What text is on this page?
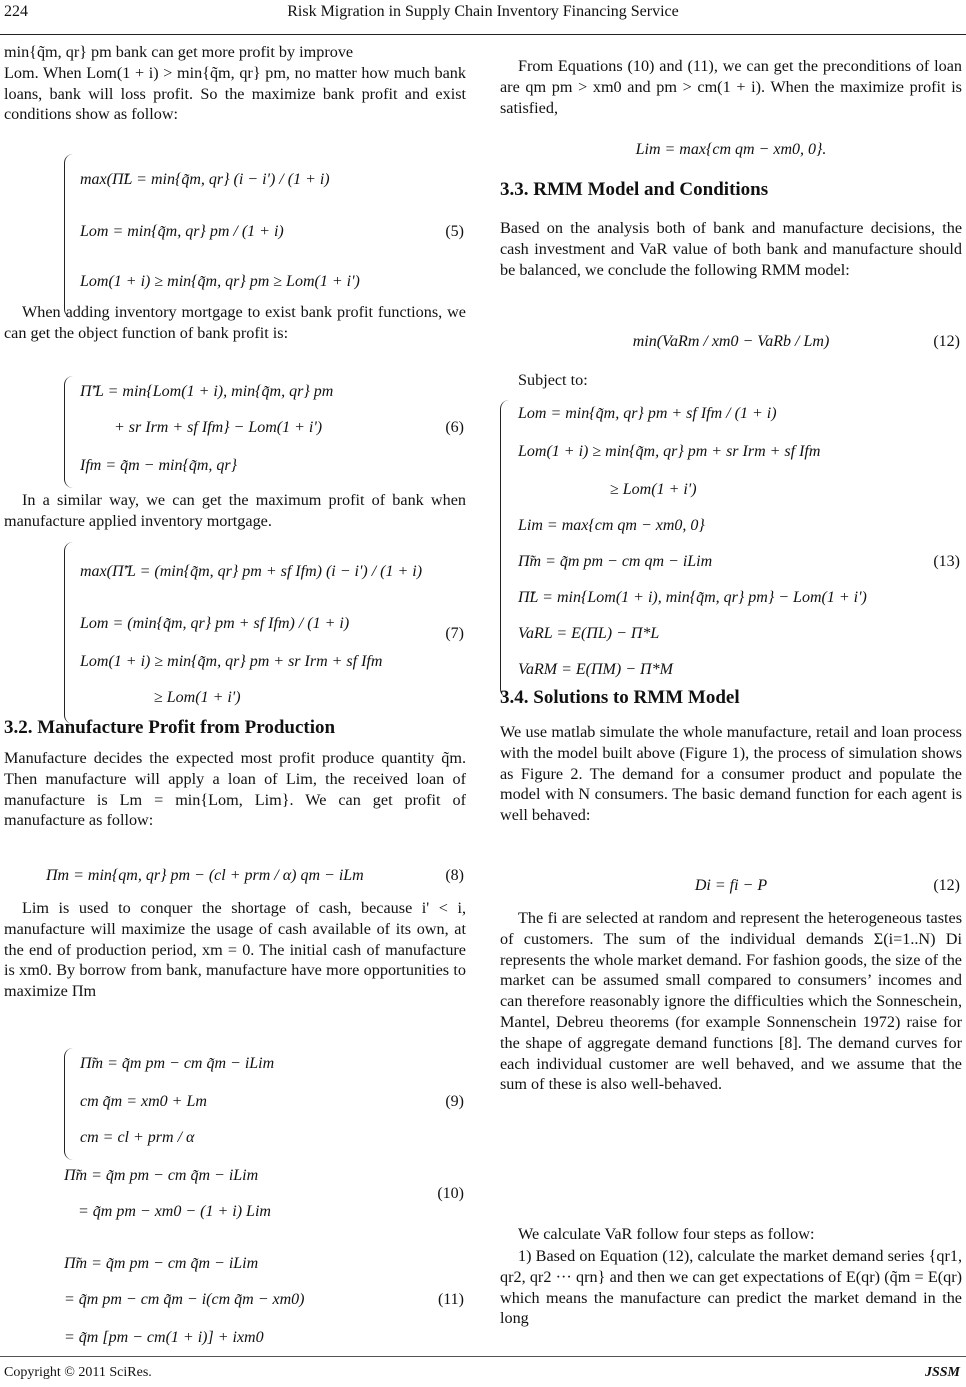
224	Risk Migration in Supply Chain Inventory Financing Service

min{q̃m, qr} pm bank can get more profit by improve

Lom. When Lom(1 + i) > min{q̃m, qr} pm, no matter how much bank loans, bank will loss profit. So the maximize bank profit and exist conditions show as follow:

max(Π̃L = min{q̃m, qr} (i − i') / (1 + i)
Lom = min{q̃m, qr} pm / (1 + i)
Lom(1 + i) ≥ min{q̃m, qr} pm ≥ Lom(1 + i')
(5)

When adding inventory mortgage to exist bank profit functions, we can get the object function of bank profit is:

Π̃'L = min{Lom(1 + i), min{q̃m, qr} pm
+ sr Irm + sf Ifm} − Lom(1 + i')
Ifm = q̃m − min{q̃m, qr}
(6)

In a similar way, we can get the maximum profit of bank when manufacture applied inventory mortgage.

max(Π̃'L = (min{q̃m, qr} pm + sf Ifm) (i − i') / (1 + i)
Lom = (min{q̃m, qr} pm + sf Ifm) / (1 + i)
Lom(1 + i) ≥ min{q̃m, qr} pm + sr Irm + sf Ifm
≥ Lom(1 + i')
(7)
3.2. Manufacture Profit from Production

Manufacture decides the expected most profit produce quantity q̃m. Then manufacture will apply a loan of Lim, the received loan of manufacture is Lm = min{Lom, Lim}. We can get profit of manufacture as follow:

Πm = min{qm, qr} pm − (cl + prm / α) qm − iLm	(8)

Lim is used to conquer the shortage of cash, because i' < i, manufacture will maximize the usage of cash available of its own, at the end of production period, xm = 0. The initial cash of manufacture is xm0. By borrow from bank, manufacture have more opportunities to maximize Πm

Π̃m = q̃m pm − cm q̃m − iLim
cm q̃m = xm0 + Lm
cm = cl + prm / α
(9)
Π̃m = q̃m pm − cm q̃m − iLim
= q̃m pm − xm0 − (1 + i) Lim
(10)
Π̃m = q̃m pm − cm q̃m − iLim
= q̃m pm − cm q̃m − i(cm q̃m − xm0)
= q̃m [pm − cm(1 + i)] + ixm0
(11)

From Equations (10) and (11), we can get the preconditions of loan are qm pm > xm0 and pm > cm(1 + i). When the maximize profit is satisfied,

Lim = max{cm qm − xm0, 0}.
3.3. RMM Model and Conditions

Based on the analysis both of bank and manufacture decisions, the cash investment and VaR value of both bank and manufacture should be balanced, we conclude the following RMM model:

min(VaRm / xm0 − VaRb / Lm)	(12)

Subject to:

Lom = min{q̃m, qr} pm + sf Ifm / (1 + i)
Lom(1 + i) ≥ min{q̃m, qr} pm + sr Irm + sf Ifm
≥ Lom(1 + i')
Lim = max{cm qm − xm0, 0}
Π̃m = q̃m pm − cm qm − iLim
Π̃L = min{Lom(1 + i), min{q̃m, qr} pm} − Lom(1 + i')
VaRL = E(ΠL) − Π*L
VaRM = E(ΠM) − Π*M
(13)
3.4. Solutions to RMM Model

We use matlab simulate the whole manufacture, retail and loan process with the model built above (Figure 1), the process of simulation shows as Figure 2. The demand for a consumer product and populate the model with N consumers. The basic demand function for each agent is well behaved:

Di = fi − P	(12)

The fi are selected at random and represent the heterogeneous tastes of customers. The sum of the individual demands Σ(i=1..N) Di represents the whole market demand. For fashion goods, the size of the market can be assumed small compared to consumers’ incomes and can therefore reasonably ignore the difficulties which the Sonneschein, Mantel, Debreu theorems (for example Sonnenschein 1972) raise for the shape of aggregate demand functions [8]. The demand curves for each individual customer are well behaved, and we assume that the sum of these is also well-behaved.

We calculate VaR follow four steps as follow:

1) Based on Equation (12), calculate the market demand series {qr1, qr2, qr2 ··· qrn} and then we can get expectations of E(qr) (q̃m = E(qr) which means the manufacture can predict the market demand in the long

Copyright © 2011 SciRes.	JSSM
